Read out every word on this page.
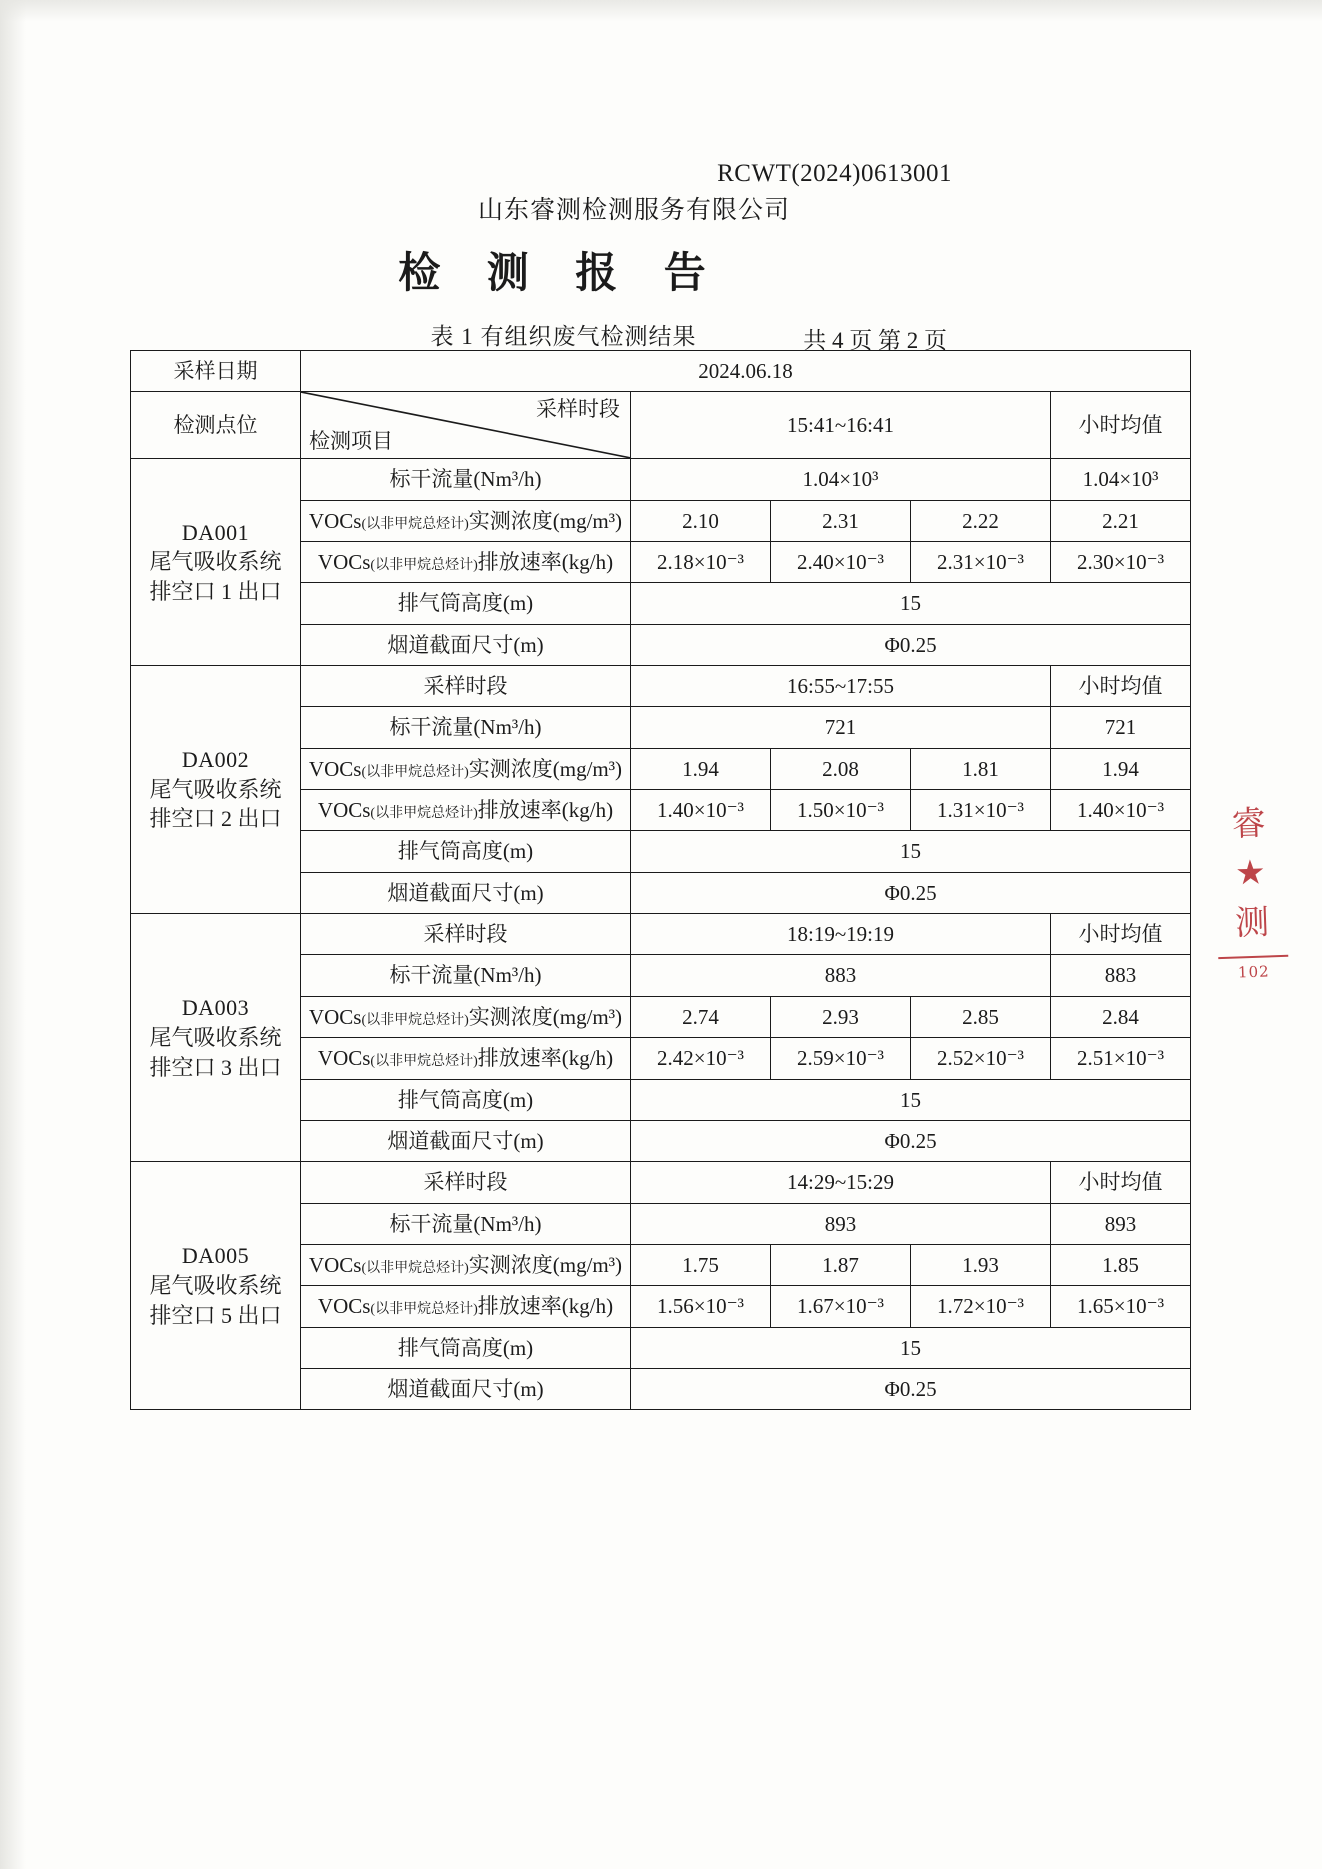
RCWT(2024)0613001
山东睿测检测服务有限公司
检 测 报 告
表 1 有组织废气检测结果	共 4 页 第 2 页
采样日期	2024.06.18				
检测点位	采样时段
检测项目	15:41~16:41			小时均值

DA001
尾气吸收系统
排空口 1 出口	标干流量(Nm³/h)	1.04×10³			1.04×10³
	VOCs(以非甲烷总烃计)实测浓度(mg/m³)	2.10	2.31	2.22	2.21
	VOCs(以非甲烷总烃计)排放速率(kg/h)	2.18×10⁻³	2.40×10⁻³	2.31×10⁻³	2.30×10⁻³
	排气筒高度(m)	15			
	烟道截面尺寸(m)	Φ0.25			

DA002
尾气吸收系统
排空口 2 出口	采样时段	16:55~17:55			小时均值
	标干流量(Nm³/h)	721			721
	VOCs(以非甲烷总烃计)实测浓度(mg/m³)	1.94	2.08	1.81	1.94
	VOCs(以非甲烷总烃计)排放速率(kg/h)	1.40×10⁻³	1.50×10⁻³	1.31×10⁻³	1.40×10⁻³
	排气筒高度(m)	15			
	烟道截面尺寸(m)	Φ0.25			

DA003
尾气吸收系统
排空口 3 出口	采样时段	18:19~19:19			小时均值
	标干流量(Nm³/h)	883			883
	VOCs(以非甲烷总烃计)实测浓度(mg/m³)	2.74	2.93	2.85	2.84
	VOCs(以非甲烷总烃计)排放速率(kg/h)	2.42×10⁻³	2.59×10⁻³	2.52×10⁻³	2.51×10⁻³
	排气筒高度(m)	15			
	烟道截面尺寸(m)	Φ0.25			

DA005
尾气吸收系统
排空口 5 出口	采样时段	14:29~15:29			小时均值
	标干流量(Nm³/h)	893			893
	VOCs(以非甲烷总烃计)实测浓度(mg/m³)	1.75	1.87	1.93	1.85
	VOCs(以非甲烷总烃计)排放速率(kg/h)	1.56×10⁻³	1.67×10⁻³	1.72×10⁻³	1.65×10⁻³
	排气筒高度(m)	15			
	烟道截面尺寸(m)	Φ0.25			
睿
★
测
102
